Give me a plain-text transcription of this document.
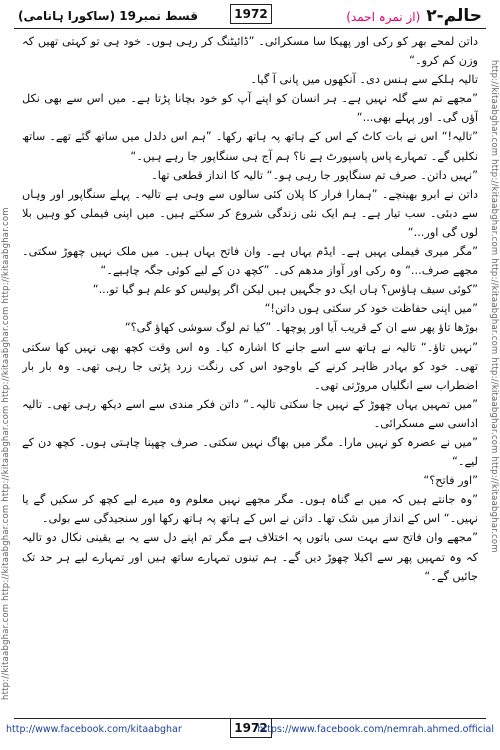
حالم-۲ (از نمرہ احمد)
قسط نمبر19 (ساکورا ہانامی)	1972
http://kitaabghar.com http://kitaabghar.com http://kitaabghar.com http://kitaabghar.com http://kitaabghar.com	http://kitaabghar.com http://kitaabghar.com http://kitaabghar.com http://kitaabghar.com http://kitaabghar.com

داتن لمحے بھر کو رکی اور پھیکا سا مسکرائی۔ ”ڈائیٹنگ کر رہی ہوں۔ خود ہی تو کہتی تھیں کہ وزن کم کرو۔“

تالیہ ہلکے سے ہنس دی۔ آنکھوں میں پانی آ گیا۔

”مجھے تم سے گلہ نہیں ہے۔ ہر انسان کو اپنے آپ کو خود بچانا پڑتا ہے۔ میں اس سے بھی نکل آؤں گی۔ اور پہلے بھی...“

”تالیہ!“ اس نے بات کاٹ کے اس کے ہاتھ پہ ہاتھ رکھا۔ ”ہم اس دلدل میں ساتھ گئے تھے۔ ساتھ نکلیں گے۔ تمہارے پاس پاسپورٹ ہے نا؟ ہم آج ہی سنگاپور جا رہے ہیں۔“

”نہیں داتن۔ صرف تم سنگاپور جا رہی ہو۔“ تالیہ کا انداز قطعی تھا۔

داتن نے ابرو بھینچے۔ ”ہمارا فرار کا پلان کئی سالوں سے وہی ہے تالیہ۔ پہلے سنگاپور اور وہاں سے دبئی۔ سب تیار ہے۔ ہم ایک نئی زندگی شروع کر سکتے ہیں۔ میں اپنی فیملی کو وہیں بلا لوں گی اور...“

”مگر میری فیملی یہیں ہے۔ ایڈم یہاں ہے۔ وان فاتح یہاں ہیں۔ میں ملک نہیں چھوڑ سکتی۔ مجھے صرف...“ وہ رکی اور آواز مدھم کی۔ ”کچھ دن کے لیے کوئی جگہ چاہیے۔“

”کوئی سیف ہاؤس؟ ہاں ایک دو جگہیں ہیں لیکن اگر پولیس کو علم ہو گیا تو...“

”میں اپنی حفاظت خود کر سکتی ہوں داتن!“

بوڑھا تاؤ پھر سے ان کے قریب آیا اور پوچھا۔ ”کیا تم لوگ سوشی کھاؤ گی؟“

”نہیں تاؤ۔“ تالیہ نے ہاتھ سے اسے جانے کا اشارہ کیا۔ وہ اس وقت کچھ بھی نہیں کھا سکتی تھی۔ خود کو بہادر ظاہر کرنے کے باوجود اس کی رنگت زرد پڑتی جا رہی تھی۔ وہ بار بار اضطراب سے انگلیاں مروڑتی تھی۔

”میں تمہیں یہاں چھوڑ کے نہیں جا سکتی تالیہ۔“ داتن فکر مندی سے اسے دیکھ رہی تھی۔ تالیہ اداسی سے مسکرائی۔

”میں نے عصرہ کو نہیں مارا۔ مگر میں بھاگ نہیں سکتی۔ صرف چھپنا چاہتی ہوں۔ کچھ دن کے لیے۔“

”اور فاتح؟“

”وہ جانتے ہیں کہ میں بے گناہ ہوں۔ مگر مجھے نہیں معلوم وہ میرے لیے کچھ کر سکیں گے یا نہیں۔“ اس کے انداز میں شک تھا۔ داتن نے اس کے ہاتھ پہ ہاتھ رکھا اور سنجیدگی سے بولی۔

”مجھے وان فاتح سے بہت سی باتوں پہ اختلاف ہے مگر تم اپنے دل سے یہ بے یقینی نکال دو تالیہ کہ وہ تمہیں پھر سے اکیلا چھوڑ دیں گے۔ ہم تینوں تمہارے ساتھ ہیں اور تمہارے لیے ہر حد تک جائیں گے۔“

http://www.facebook.com/kitaabghar	1972
https://www.facebook.com/nemrah.ahmed.official
